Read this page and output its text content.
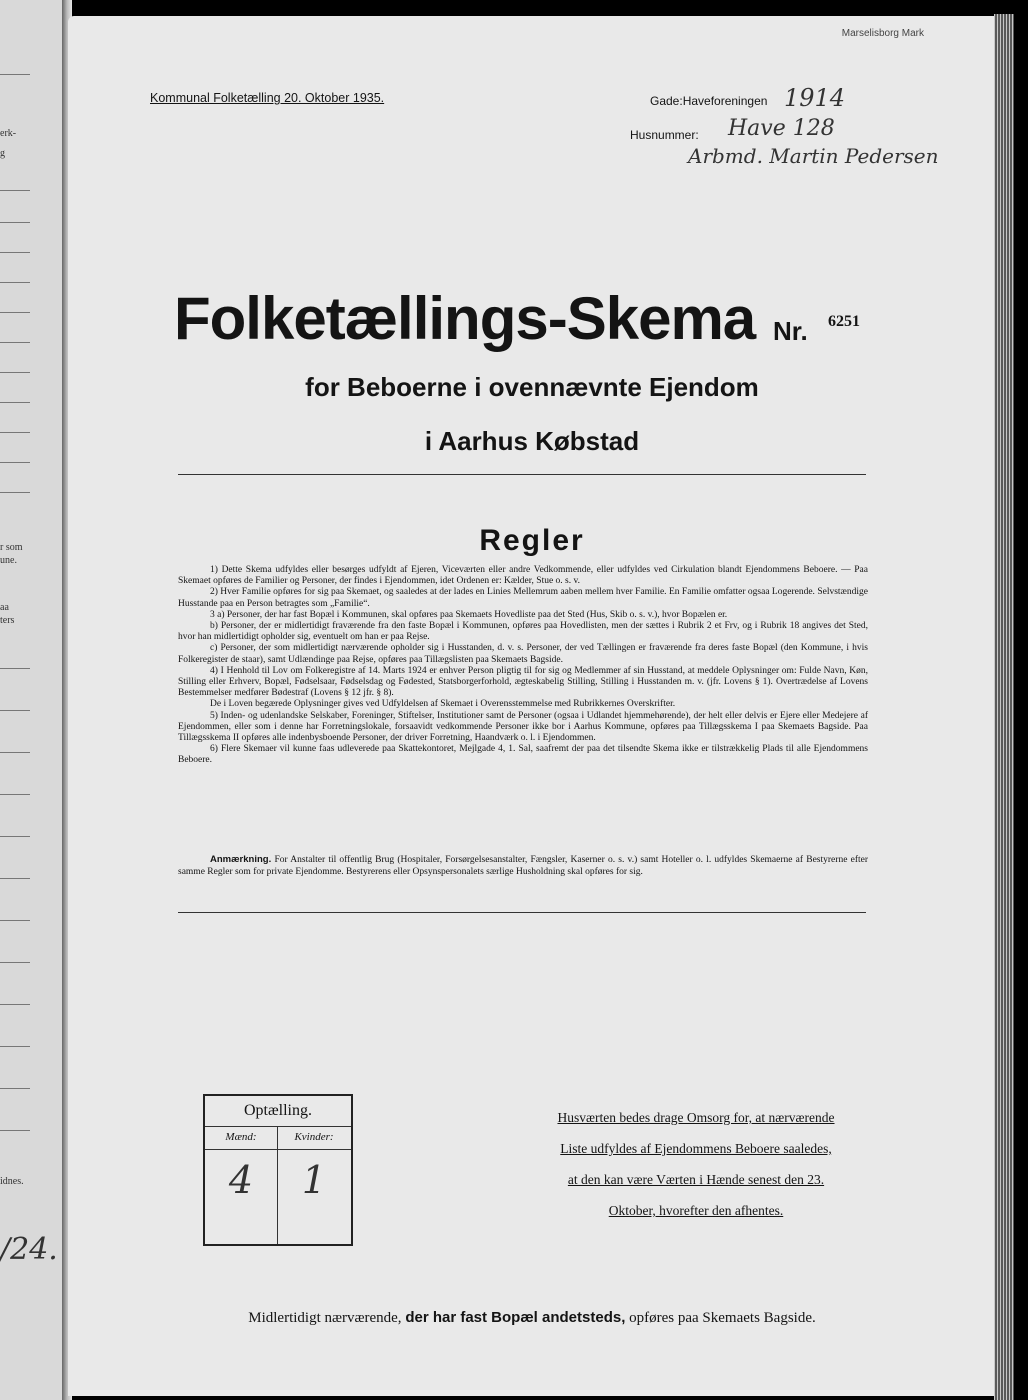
erk-
g
r som
une.
aa
ters
idnes.
/24.
Marselisborg Mark
Kommunal Folketælling 20. Oktober 1935.	Gade:Haveforeningen 1914
Husnummer: Have 128
Arbmd. Martin Pedersen
Folketællings-Skema Nr. 6251
for Beboerne i ovennævnte Ejendom
i Aarhus Købstad
Regler

1) Dette Skema udfyldes eller besørges udfyldt af Ejeren, Viceværten eller andre Vedkommende, eller udfyldes ved Cirkulation blandt Ejendommens Beboere. — Paa Skemaet opføres de Familier og Personer, der findes i Ejendommen, idet Ordenen er: Kælder, Stue o. s. v.

2) Hver Familie opføres for sig paa Skemaet, og saaledes at der lades en Linies Mellemrum aaben mellem hver Familie. En Familie omfatter ogsaa Logerende. Selvstændige Husstande paa en Person betragtes som „Familie“.

3 a) Personer, der har fast Bopæl i Kommunen, skal opføres paa Skemaets Hovedliste paa det Sted (Hus, Skib o. s. v.), hvor Bopælen er.

b) Personer, der er midlertidigt fraværende fra den faste Bopæl i Kommunen, opføres paa Hovedlisten, men der sættes i Rubrik 2 et Frv, og i Rubrik 18 angives det Sted, hvor han midlertidigt opholder sig, eventuelt om han er paa Rejse.

c) Personer, der som midlertidigt nærværende opholder sig i Husstanden, d. v. s. Personer, der ved Tællingen er fraværende fra deres faste Bopæl (den Kommune, i hvis Folkeregister de staar), samt Udlændinge paa Rejse, opføres paa Tillægslisten paa Skemaets Bagside.

4) I Henhold til Lov om Folkeregistre af 14. Marts 1924 er enhver Person pligtig til for sig og Medlemmer af sin Husstand, at meddele Oplysninger om: Fulde Navn, Køn, Stilling eller Erhverv, Bopæl, Fødselsaar, Fødselsdag og Fødested, Statsborgerforhold, ægteskabelig Stilling, Stilling i Husstanden m. v. (jfr. Lovens § 1). Overtrædelse af Lovens Bestemmelser medfører Bødestraf (Lovens § 12 jfr. § 8).

De i Loven begærede Oplysninger gives ved Udfyldelsen af Skemaet i Overensstemmelse med Rubrikkernes Overskrifter.

5) Inden- og udenlandske Selskaber, Foreninger, Stiftelser, Institutioner samt de Personer (ogsaa i Udlandet hjemmehørende), der helt eller delvis er Ejere eller Medejere af Ejendommen, eller som i denne har Forretningslokale, forsaavidt vedkommende Personer ikke bor i Aarhus Kommune, opføres paa Tillægsskema I paa Skemaets Bagside. Paa Tillægsskema II opføres alle indenbysboende Personer, der driver Forretning, Haandværk o. l. i Ejendommen.

6) Flere Skemaer vil kunne faas udleverede paa Skattekontoret, Mejlgade 4, 1. Sal, saafremt der paa det tilsendte Skema ikke er tilstrækkelig Plads til alle Ejendommens Beboere.

Anmærkning. For Anstalter til offentlig Brug (Hospitaler, Forsørgelsesanstalter, Fængsler, Kaserner o. s. v.) samt Hoteller o. l. udfyldes Skemaerne af Bestyrerne efter samme Regler som for private Ejendomme. Bestyrerens eller Opsynspersonalets særlige Husholdning skal opføres for sig.

Optælling.
Mænd:	Kvinder:
4	1

Husværten bedes drage Omsorg for, at nærværende

Liste udfyldes af Ejendommens Beboere saaledes,

at den kan være Værten i Hænde senest den 23.

Oktober, hvorefter den afhentes.

Midlertidigt nærværende, der har fast Bopæl andetsteds, opføres paa Skemaets Bagside.
